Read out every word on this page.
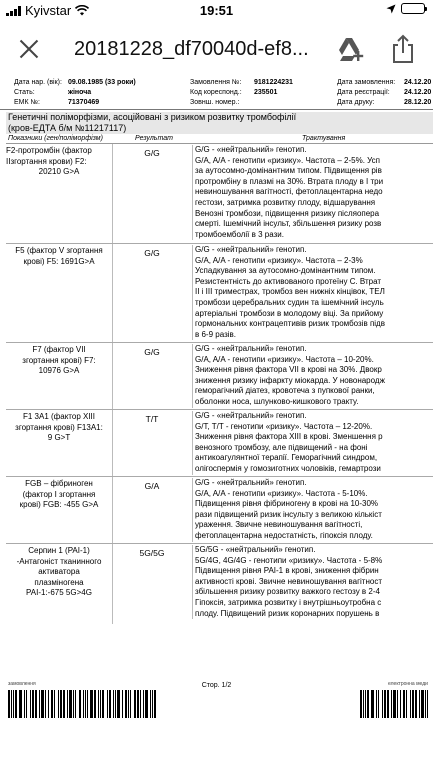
Kyivstar	19:51
20181228_df70040d-ef8...
Дата нар. (вік): 09.08.1985 (33 роки)	Замовлення №: 9181224231	Дата замовлення: 24.12.20
Стать:	жіноча	Код кореспонд.: 235501	Дата реєстрації: 24.12.20
ЕМК №:	71370469	Зовнш. номер.:	Дата друку:	28.12.20
Генетичні поліморфізми, асоційовані з ризиком розвитку тромбофілії
(кров-ЕДТА б/м №11217117)
Показники (ген/поліморфізм)	Результат	Трактування
F2-протромбін (фактор
ІІзгортання крови) F2:
20210 G>A
G/G	G/G - «нейтральний» генотип.
G/A, A/A - генотипи «ризику». Частота – 2-5%. Усп
за аутосомно-домінантним типом. Підвищення рів
протромбіну в плазмі на 30%. Втрата плоду в І три
невиношування вагітності, фетоплацентарна недо
гестози, затримка розвитку плоду, відшарування
Венозні тромбози, підвищення ризику післяопера
смерті. Ішемічний інсульт, збільшення ризику розв
тромбоемболії в 3 рази.
F5 (фактор V згортання
крові) F5: 1691G>A
G/G	G/G - «нейтральний» генотип.
G/A, A/A - генотипи «ризику». Частота – 2-3%
Успадкування за аутосомно-домінантним типом.
Резистентність до активованого протеїну С. Втрат
ІІ і ІІІ триместрах, тромбоз вен нижніх кінцівок, ТЕЛ
тромбози церебральних судин та ішемічний інсуль
артеріальні тромбози в молодому віці. За прийому
гормональних контрацептивів ризик тромбозів підв
в 6-9 разів.
F7 (фактор VII
згортання крові) F7:
10976 G>A
G/G	G/G - «нейтральний» генотип.
G/A, A/A - генотипи «ризику». Частота – 10-20%.
Зниження рівня фактора VII в крові на 30%. Двокр
зниження ризику інфаркту міокарда. У новонародж
геморагічний діатез, кровотеча з пупкової ранки,
оболонки носа, шлунково-кишкового тракту.
F1 3A1 (фактор XIII
згортання крові) F13A1:
9 G>T
T/T	G/G - «нейтральний» генотип.
G/T, T/T - генотипи «ризику». Частота – 12-20%.
Зниження рівня фактора XIII в крові. Зменшення р
венозного тромбозу, але підвищений - на фоні
антикоагулянтної терапії. Геморагічний синдром,
олігоспермія у гомозиготних чоловіків, гемартрози
FGB – фібриноген
(фактор І згортання
крові) FGB: -455 G>A
G/A	G/G - «нейтральний» генотип.
G/A, A/A - генотипи «ризику». Частота - 5-10%.
Підвищення рівня фібриногену в крові на 10-30%
рази підвищений ризик інсульту з великою кількіст
ураження. Звичне невиношування вагітності,
фетоплацентарна недостатність, гіпоксія плоду.
Серпин 1 (PAI-1)
-Антагоніст тканинного
активатора
плазміногена
PAI-1:-675 5G>4G
5G/5G	5G/5G - «нейтральний» генотип.
5G/4G, 4G/4G - генотипи «ризику». Частота - 5-8%
Підвищення рівня PAI-1 в крові, зниження фібрин
активності крові. Звичне невиношування вагітност
збільшення ризику розвитку важкого гестозу в 2-4
Гіпоксія, затримка розвитку і внутрішньоутробна с
плоду. Підвищений ризик коронарних порушень в
замовлення	Стор. 1/2	електронна меди
